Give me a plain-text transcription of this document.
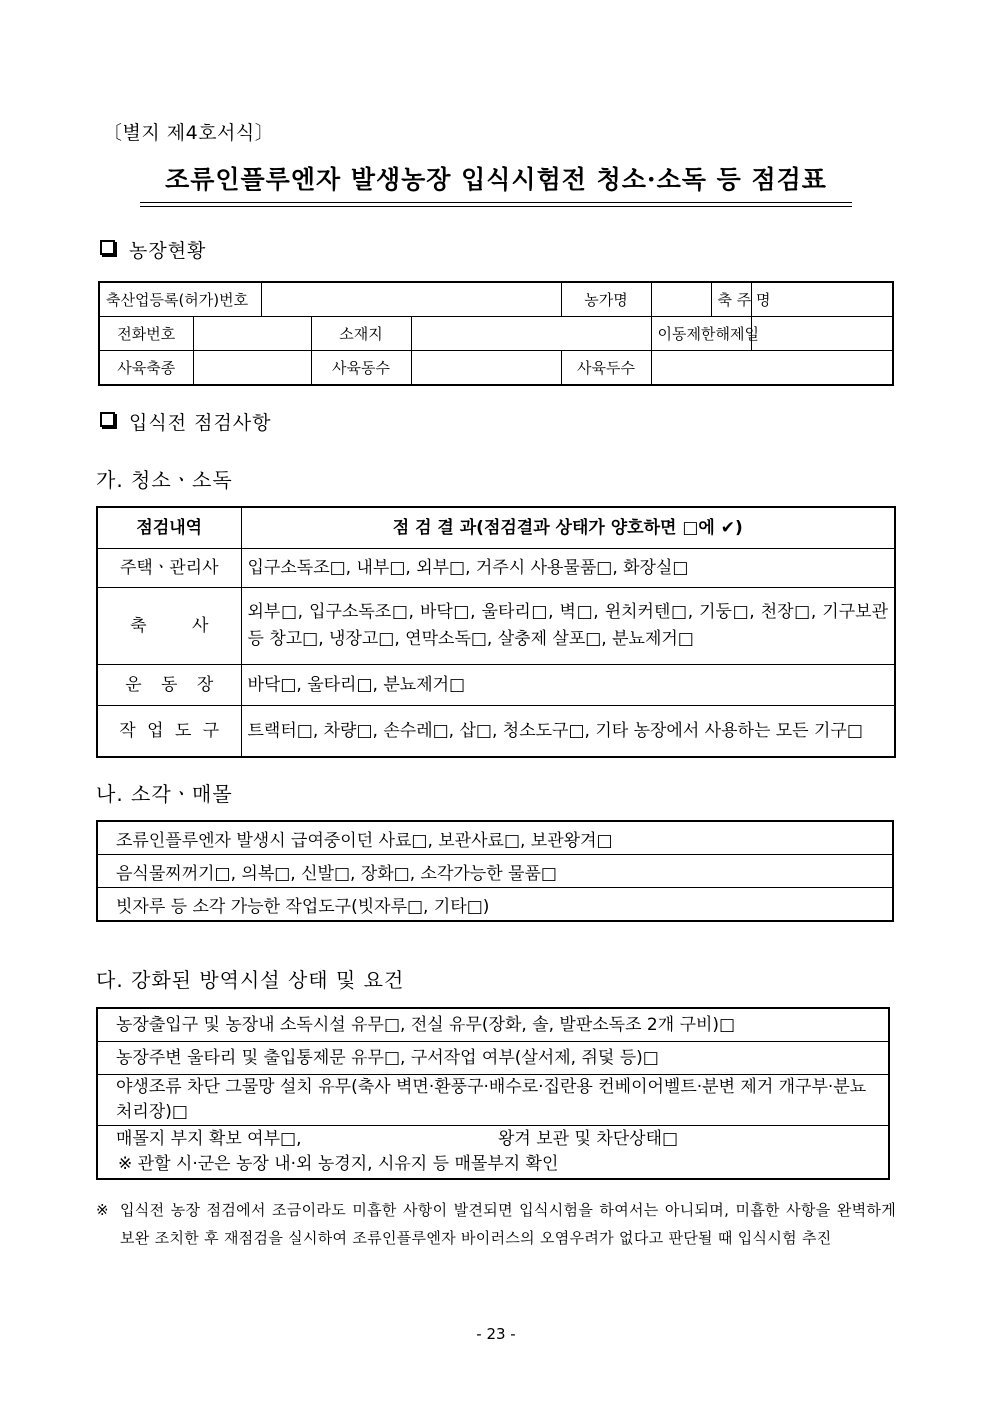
〔별지 제4호서식〕
조류인플루엔자 발생농장 입식시험전 청소·소독 등 점검표
농장현황
축산업등록(허가)번호					농가명		축 주 명	
전화번호			소재지			이동제한해제일		
사육축종			사육동수		사육두수			
입식전 점검사항
가. 청소ㆍ소독
점검내역	점 검 결 과(점검결과 상태가 양호하면 □에 ✔)
주택ㆍ관리사	입구소독조□, 내부□, 외부□, 거주시 사용물품□, 화장실□
축 사	외부□, 입구소독조□, 바닥□, 울타리□, 벽□, 윈치커텐□, 기둥□, 천장□, 기구보관 등 창고□, 냉장고□, 연막소독□, 살충제 살포□, 분뇨제거□
운 동 장	바닥□, 울타리□, 분뇨제거□
작 업 도 구	트랙터□, 차량□, 손수레□, 삽□, 청소도구□, 기타 농장에서 사용하는 모든 기구□
나. 소각ㆍ매몰
조류인플루엔자 발생시 급여중이던 사료□, 보관사료□, 보관왕겨□
음식물찌꺼기□, 의복□, 신발□, 장화□, 소각가능한 물품□
빗자루 등 소각 가능한 작업도구(빗자루□, 기타□)
다. 강화된 방역시설 상태 및 요건
농장출입구 및 농장내 소독시설 유무□, 전실 유무(장화, 솔, 발판소독조 2개 구비)□
농장주변 울타리 및 출입통제문 유무□, 구서작업 여부(살서제, 쥐덫 등)□
야생조류 차단 그물망 설치 유무(축사 벽면·환풍구·배수로·집란용 컨베이어벨트·분변 제거 개구부·분뇨처리장)□

매몰지 부지 확보 여부□,	왕겨 보관 및 차단상태□
※ 관할 시·군은 농장 내·외 농경지, 시유지 등 매몰부지 확인
※ 입식전 농장 점검에서 조금이라도 미흡한 사항이 발견되면 입식시험을 하여서는 아니되며, 미흡한 사항을 완벽하게 보완 조치한 후 재점검을 실시하여 조류인플루엔자 바이러스의 오염우려가 없다고 판단될 때 입식시험 추진
- 23 -
